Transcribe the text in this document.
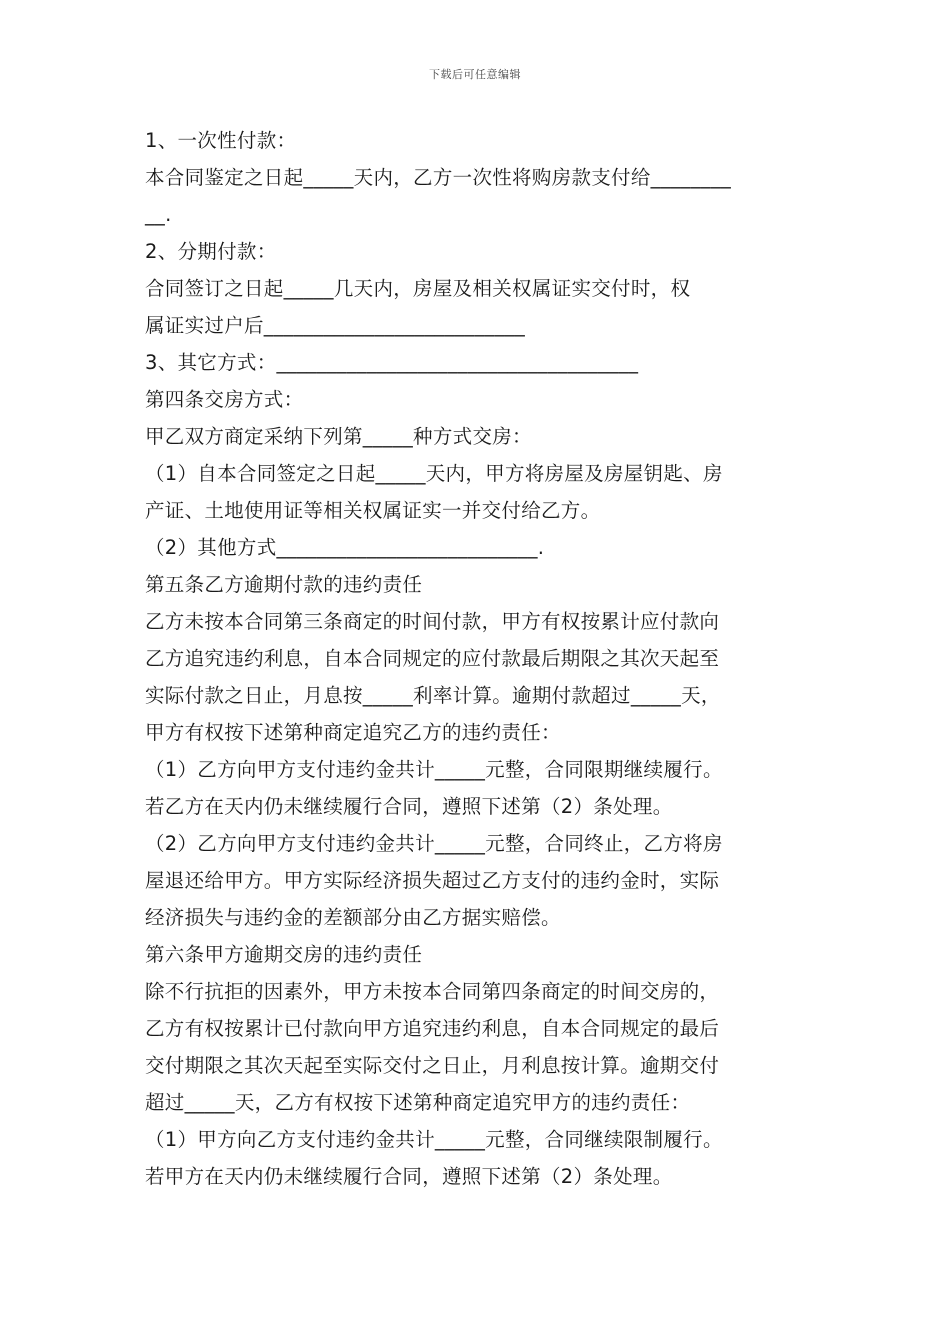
下载后可任意编辑
1、一次性付款：
本合同鉴定之日起_____天内，乙方一次性将购房款支付给________
__.
2、分期付款：
合同签订之日起_____几天内，房屋及相关权属证实交付时，权
属证实过户后__________________________
3、其它方式：____________________________________
第四条交房方式：
甲乙双方商定采纳下列第_____种方式交房：
（1）自本合同签定之日起_____天内，甲方将房屋及房屋钥匙、房
产证、土地使用证等相关权属证实一并交付给乙方。
（2）其他方式__________________________.
第五条乙方逾期付款的违约责任
乙方未按本合同第三条商定的时间付款，甲方有权按累计应付款向
乙方追究违约利息，自本合同规定的应付款最后期限之其次天起至
实际付款之日止，月息按_____利率计算。逾期付款超过_____天，
甲方有权按下述第种商定追究乙方的违约责任：
（1）乙方向甲方支付违约金共计_____元整，合同限期继续履行。
若乙方在天内仍未继续履行合同，遵照下述第（2）条处理。
（2）乙方向甲方支付违约金共计_____元整，合同终止，乙方将房
屋退还给甲方。甲方实际经济损失超过乙方支付的违约金时，实际
经济损失与违约金的差额部分由乙方据实赔偿。
第六条甲方逾期交房的违约责任
除不行抗拒的因素外，甲方未按本合同第四条商定的时间交房的，
乙方有权按累计已付款向甲方追究违约利息，自本合同规定的最后
交付期限之其次天起至实际交付之日止，月利息按计算。逾期交付
超过_____天，乙方有权按下述第种商定追究甲方的违约责任：
（1）甲方向乙方支付违约金共计_____元整，合同继续限制履行。
若甲方在天内仍未继续履行合同，遵照下述第（2）条处理。
